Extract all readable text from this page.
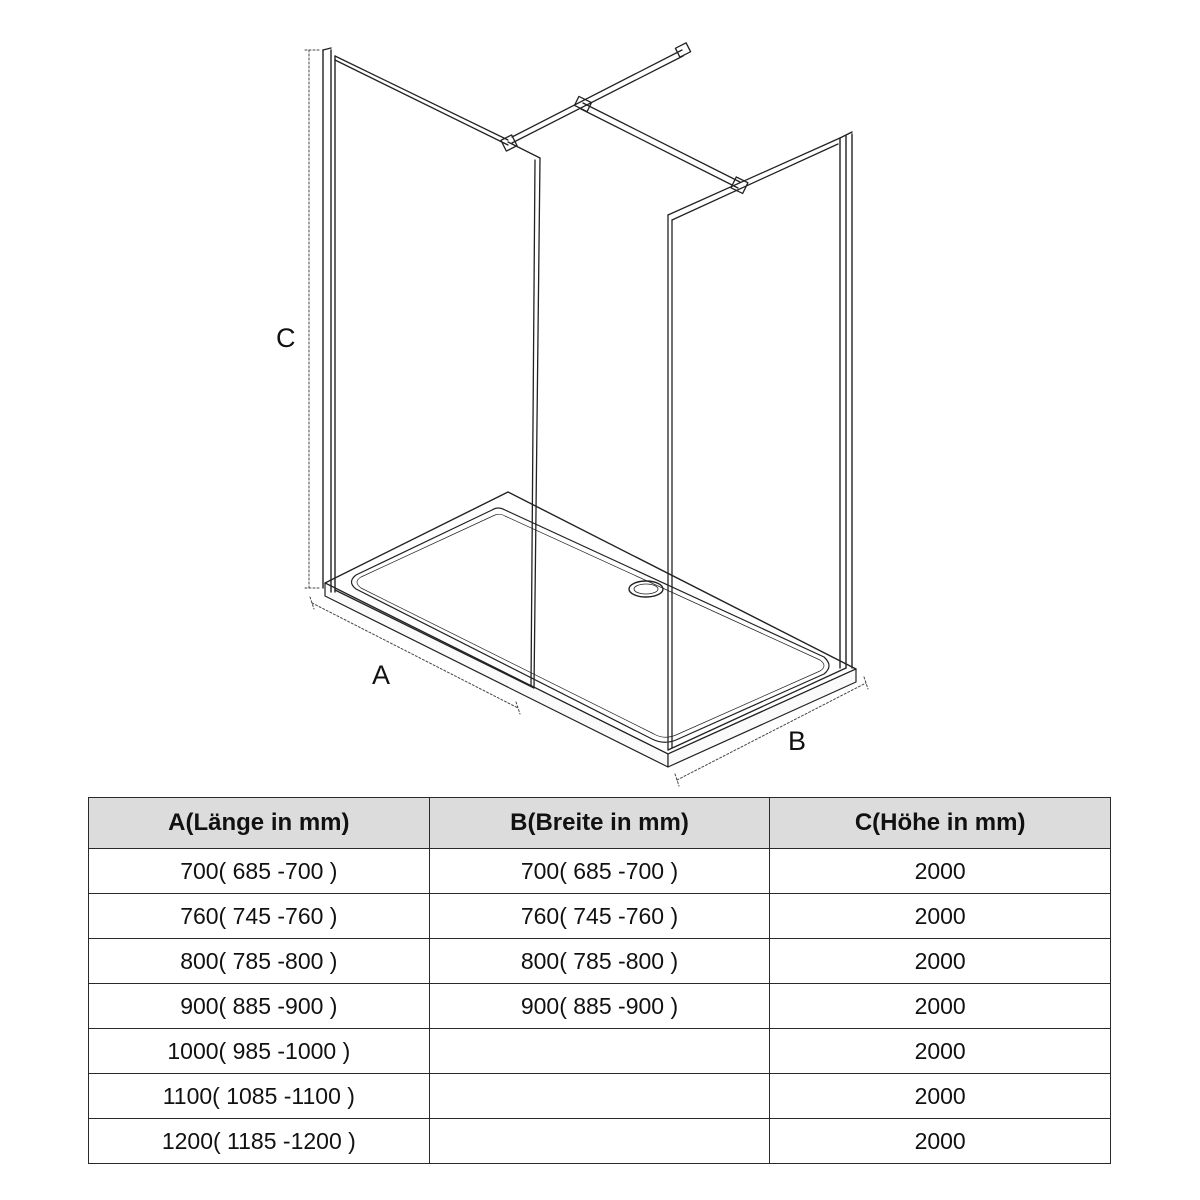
C
A
B
A(Länge in mm)	B(Breite in mm)	C(Höhe in mm)
700( 685 -700 )	700( 685 -700 )	2000
760( 745 -760 )	760( 745 -760 )	2000
800( 785 -800 )	800( 785 -800 )	2000
900( 885 -900 )	900( 885 -900 )	2000
1000( 985 -1000 )		2000
1100( 1085 -1100 )		2000
1200( 1185 -1200 )		2000
